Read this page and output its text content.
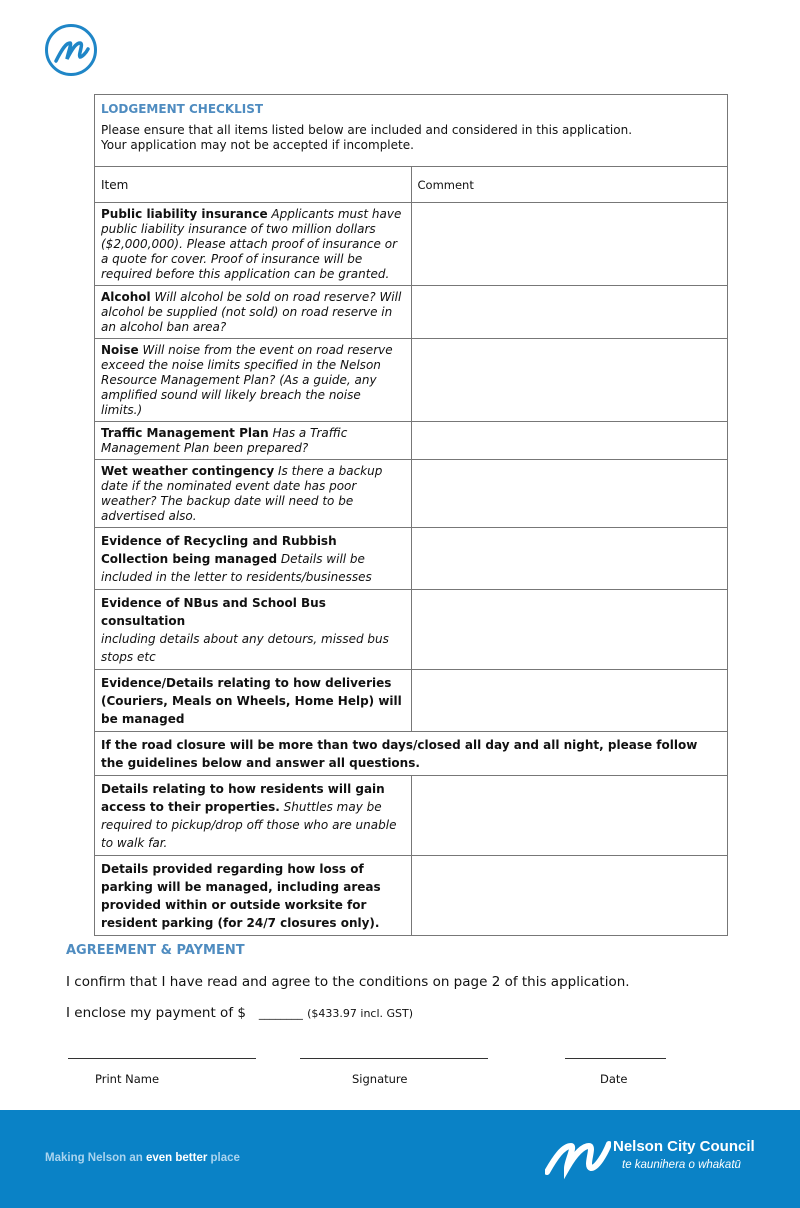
LODGEMENT CHECKLIST
Please ensure that all items listed below are included and considered in this application.
Your application may not be accepted if incomplete.	

Item	Comment
Public liability insurance Applicants must have public liability insurance of two million dollars ($2,000,000). Please attach proof of insurance or a quote for cover. Proof of insurance will be required before this application can be granted.	
Alcohol Will alcohol be sold on road reserve? Will alcohol be supplied (not sold) on road reserve in an alcohol ban area?	
Noise Will noise from the event on road reserve exceed the noise limits specified in the Nelson Resource Management Plan? (As a guide, any amplified sound will likely breach the noise limits.)	
Traffic Management Plan Has a Traffic Management Plan been prepared?	
Wet weather contingency Is there a backup date if the nominated event date has poor weather? The backup date will need to be advertised also.	
Evidence of Recycling and Rubbish Collection being managed Details will be included in the letter to residents/businesses	
Evidence of NBus and School Bus consultation
including details about any detours, missed bus stops etc	
Evidence/Details relating to how deliveries (Couriers, Meals on Wheels, Home Help) will be managed	
If the road closure will be more than two days/closed all day and all night, please follow the guidelines below and answer all questions.	
Details relating to how residents will gain access to their properties. Shuttles may be required to pickup/drop off those who are unable to walk far.	
Details provided regarding how loss of parking will be managed, including areas provided within or outside worksite for resident parking (for 24/7 closures only).	
AGREEMENT & PAYMENT
I confirm that I have read and agree to the conditions on page 2 of this application.
I enclose my payment of $ ________ ($433.97 incl. GST)
Print Name	Signature	Date
Making Nelson an even better place
Nelson City Council
te kaunihera o whakatū
